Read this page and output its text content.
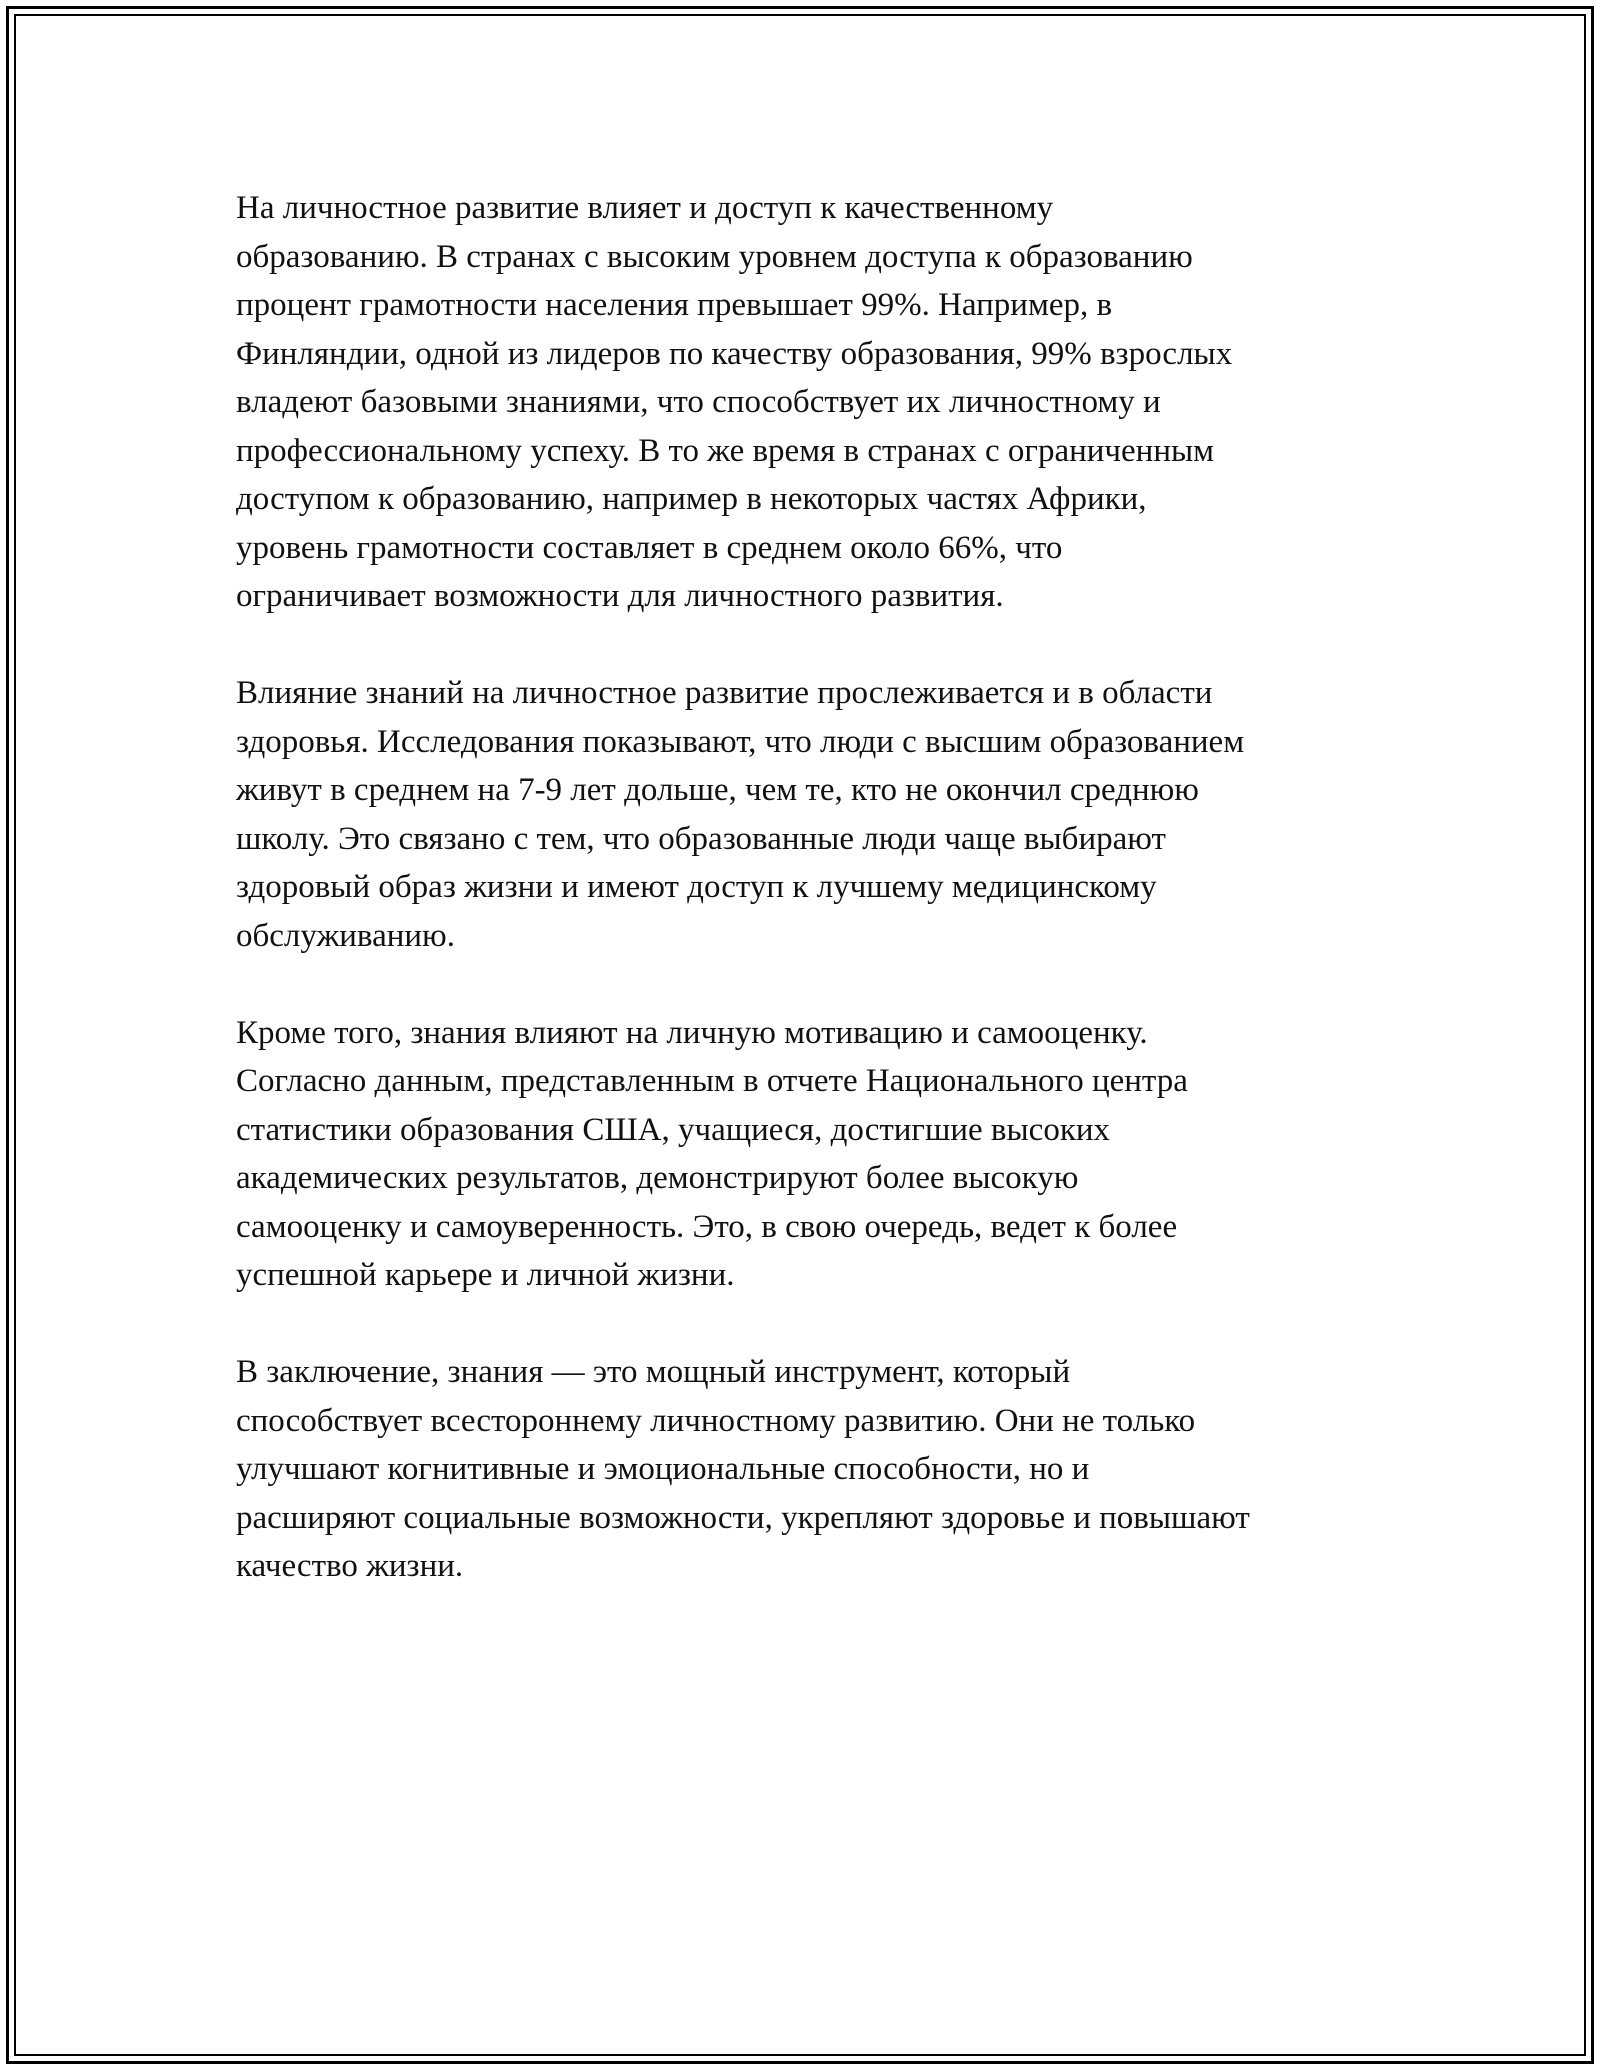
На личностное развитие влияет и доступ к качественному
образованию. В странах с высоким уровнем доступа к образованию
процент грамотности населения превышает 99%. Например, в
Финляндии, одной из лидеров по качеству образования, 99% взрослых
владеют базовыми знаниями, что способствует их личностному и
профессиональному успеху. В то же время в странах с ограниченным
доступом к образованию, например в некоторых частях Африки,
уровень грамотности составляет в среднем около 66%, что
ограничивает возможности для личностного развития.

Влияние знаний на личностное развитие прослеживается и в области
здоровья. Исследования показывают, что люди с высшим образованием
живут в среднем на 7-9 лет дольше, чем те, кто не окончил среднюю
школу. Это связано с тем, что образованные люди чаще выбирают
здоровый образ жизни и имеют доступ к лучшему медицинскому
обслуживанию.

Кроме того, знания влияют на личную мотивацию и самооценку.
Согласно данным, представленным в отчете Национального центра
статистики образования США, учащиеся, достигшие высоких
академических результатов, демонстрируют более высокую
самооценку и самоуверенность. Это, в свою очередь, ведет к более
успешной карьере и личной жизни.

В заключение, знания — это мощный инструмент, который
способствует всестороннему личностному развитию. Они не только
улучшают когнитивные и эмоциональные способности, но и
расширяют социальные возможности, укрепляют здоровье и повышают
качество жизни.
